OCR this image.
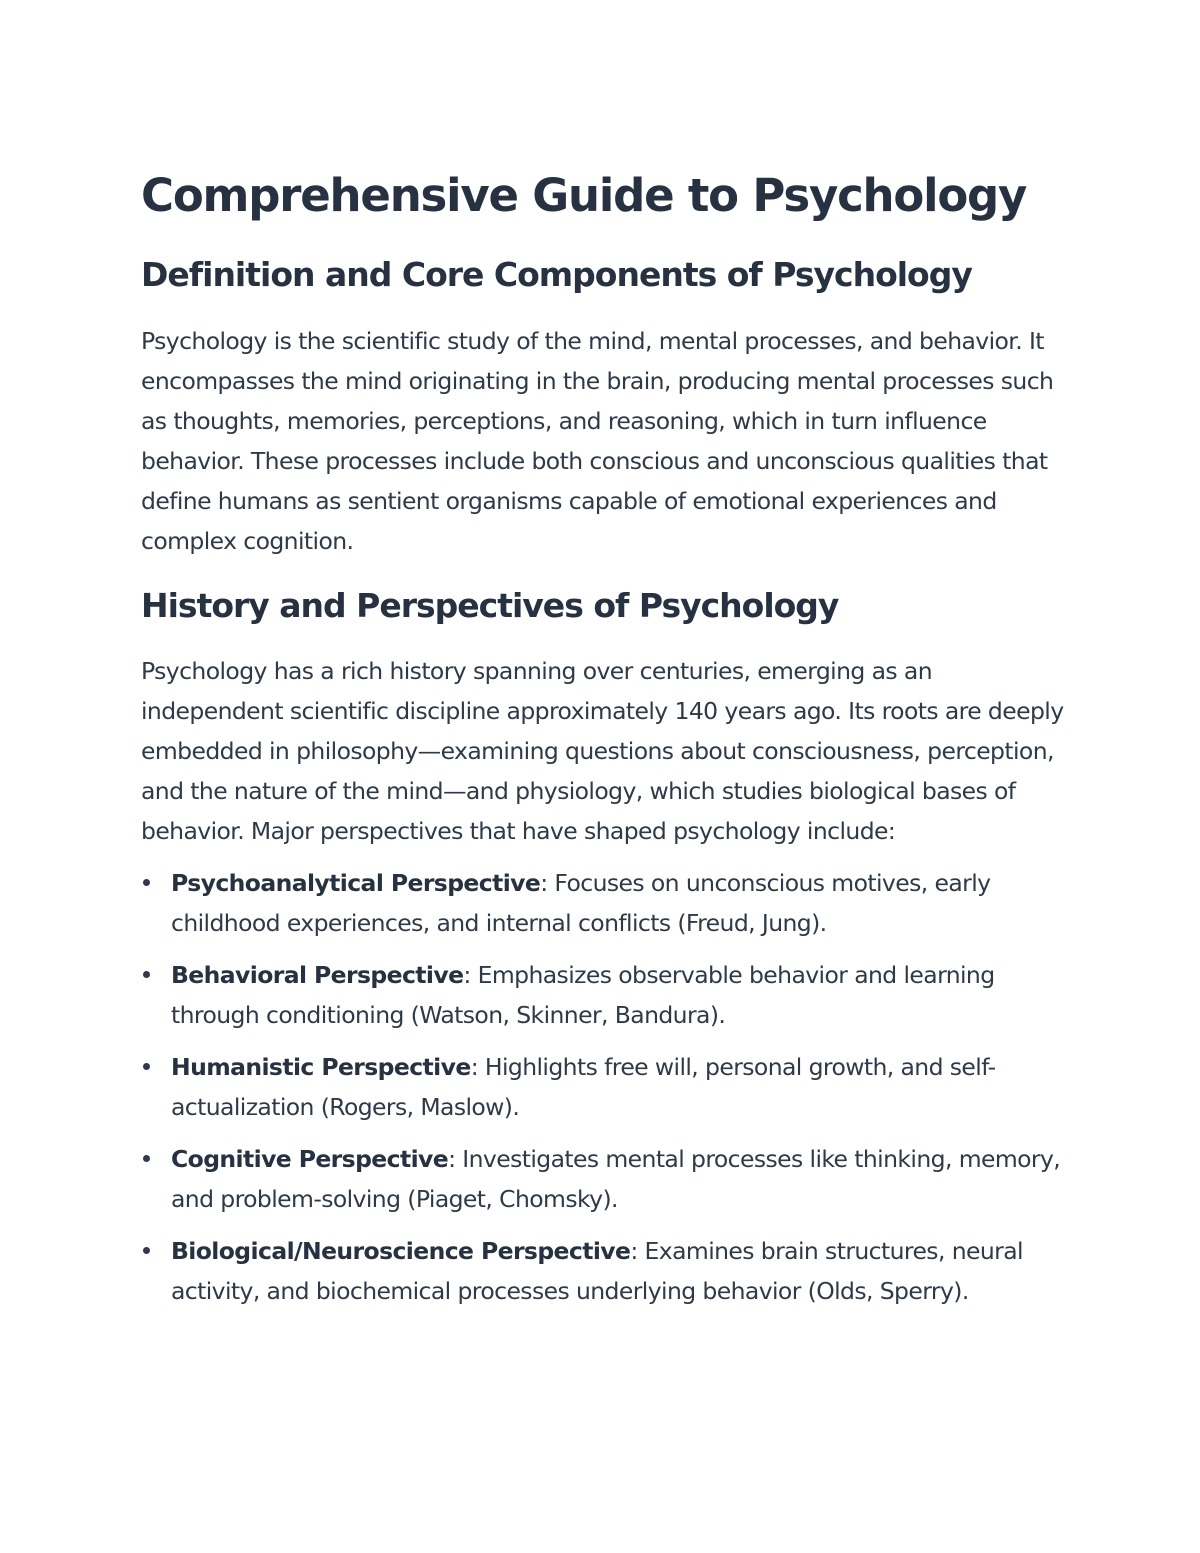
Comprehensive Guide to Psychology
Definition and Core Components of Psychology

Psychology is the scientific study of the mind, mental processes, and behavior. It encompasses the mind originating in the brain, producing mental processes such as thoughts, memories, perceptions, and reasoning, which in turn influence behavior. These processes include both conscious and unconscious qualities that define humans as sentient organisms capable of emotional experiences and complex cognition.

History and Perspectives of Psychology

Psychology has a rich history spanning over centuries, emerging as an independent scientific discipline approximately 140 years ago. Its roots are deeply embedded in philosophy—examining questions about consciousness, perception, and the nature of the mind—and physiology, which studies biological bases of behavior. Major perspectives that have shaped psychology include:

Psychoanalytical Perspective: Focuses on unconscious motives, early childhood experiences, and internal conflicts (Freud, Jung).
Behavioral Perspective: Emphasizes observable behavior and learning through conditioning (Watson, Skinner, Bandura).
Humanistic Perspective: Highlights free will, personal growth, and self-actualization (Rogers, Maslow).
Cognitive Perspective: Investigates mental processes like thinking, memory, and problem-solving (Piaget, Chomsky).
Biological/Neuroscience Perspective: Examines brain structures, neural activity, and biochemical processes underlying behavior (Olds, Sperry).
